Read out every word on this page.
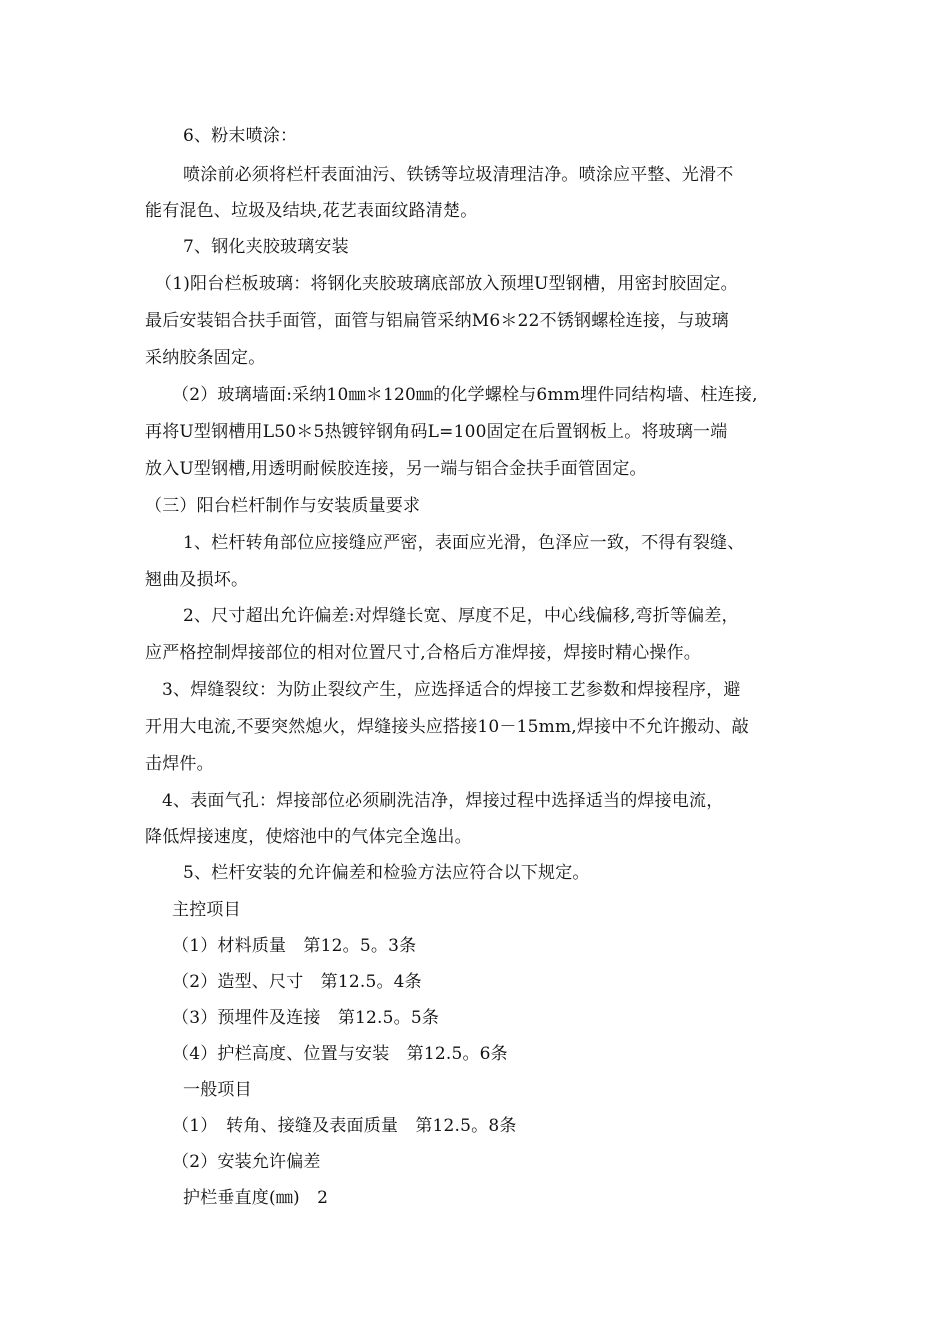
6、粉末喷涂：
喷涂前必须将栏杆表面油污、铁锈等垃圾清理洁净。喷涂应平整、光滑不
能有混色、垃圾及结块,花艺表面纹路清楚。
7、钢化夹胶玻璃安装
（1)阳台栏板玻璃：将钢化夹胶玻璃底部放入预埋U型钢槽，用密封胶固定。
最后安装铝合扶手面管，面管与铝扁管采纳M6＊22不锈钢螺栓连接，与玻璃
采纳胶条固定。
（2）玻璃墙面:采纳10㎜＊120㎜的化学螺栓与6mm埋件同结构墙、柱连接,
再将U型钢槽用L50＊5热镀锌钢角码L=100固定在后置钢板上。将玻璃一端
放入U型钢槽,用透明耐候胶连接，另一端与铝合金扶手面管固定。
（三）阳台栏杆制作与安装质量要求
1、栏杆转角部位应接缝应严密，表面应光滑，色泽应一致，不得有裂缝、
翘曲及损坏。
2、尺寸超出允许偏差:对焊缝长宽、厚度不足，中心线偏移,弯折等偏差，
应严格控制焊接部位的相对位置尺寸,合格后方准焊接，焊接时精心操作。
3、焊缝裂纹：为防止裂纹产生，应选择适合的焊接工艺参数和焊接程序，避
开用大电流,不要突然熄火，焊缝接头应搭接10－15mm,焊接中不允许搬动、敲
击焊件。
4、表面气孔：焊接部位必须刷洗洁净，焊接过程中选择适当的焊接电流，
降低焊接速度，使熔池中的气体完全逸出。
5、栏杆安装的允许偏差和检验方法应符合以下规定。
主控项目
（1）材料质量　第12。5。3条
（2）造型、尺寸　第12.5。4条
（3）预埋件及连接　第12.5。5条
（4）护栏高度、位置与安装　第12.5。6条
一般项目
（1）　转角、接缝及表面质量　第12.5。8条
（2）安装允许偏差
护栏垂直度(㎜)　2
